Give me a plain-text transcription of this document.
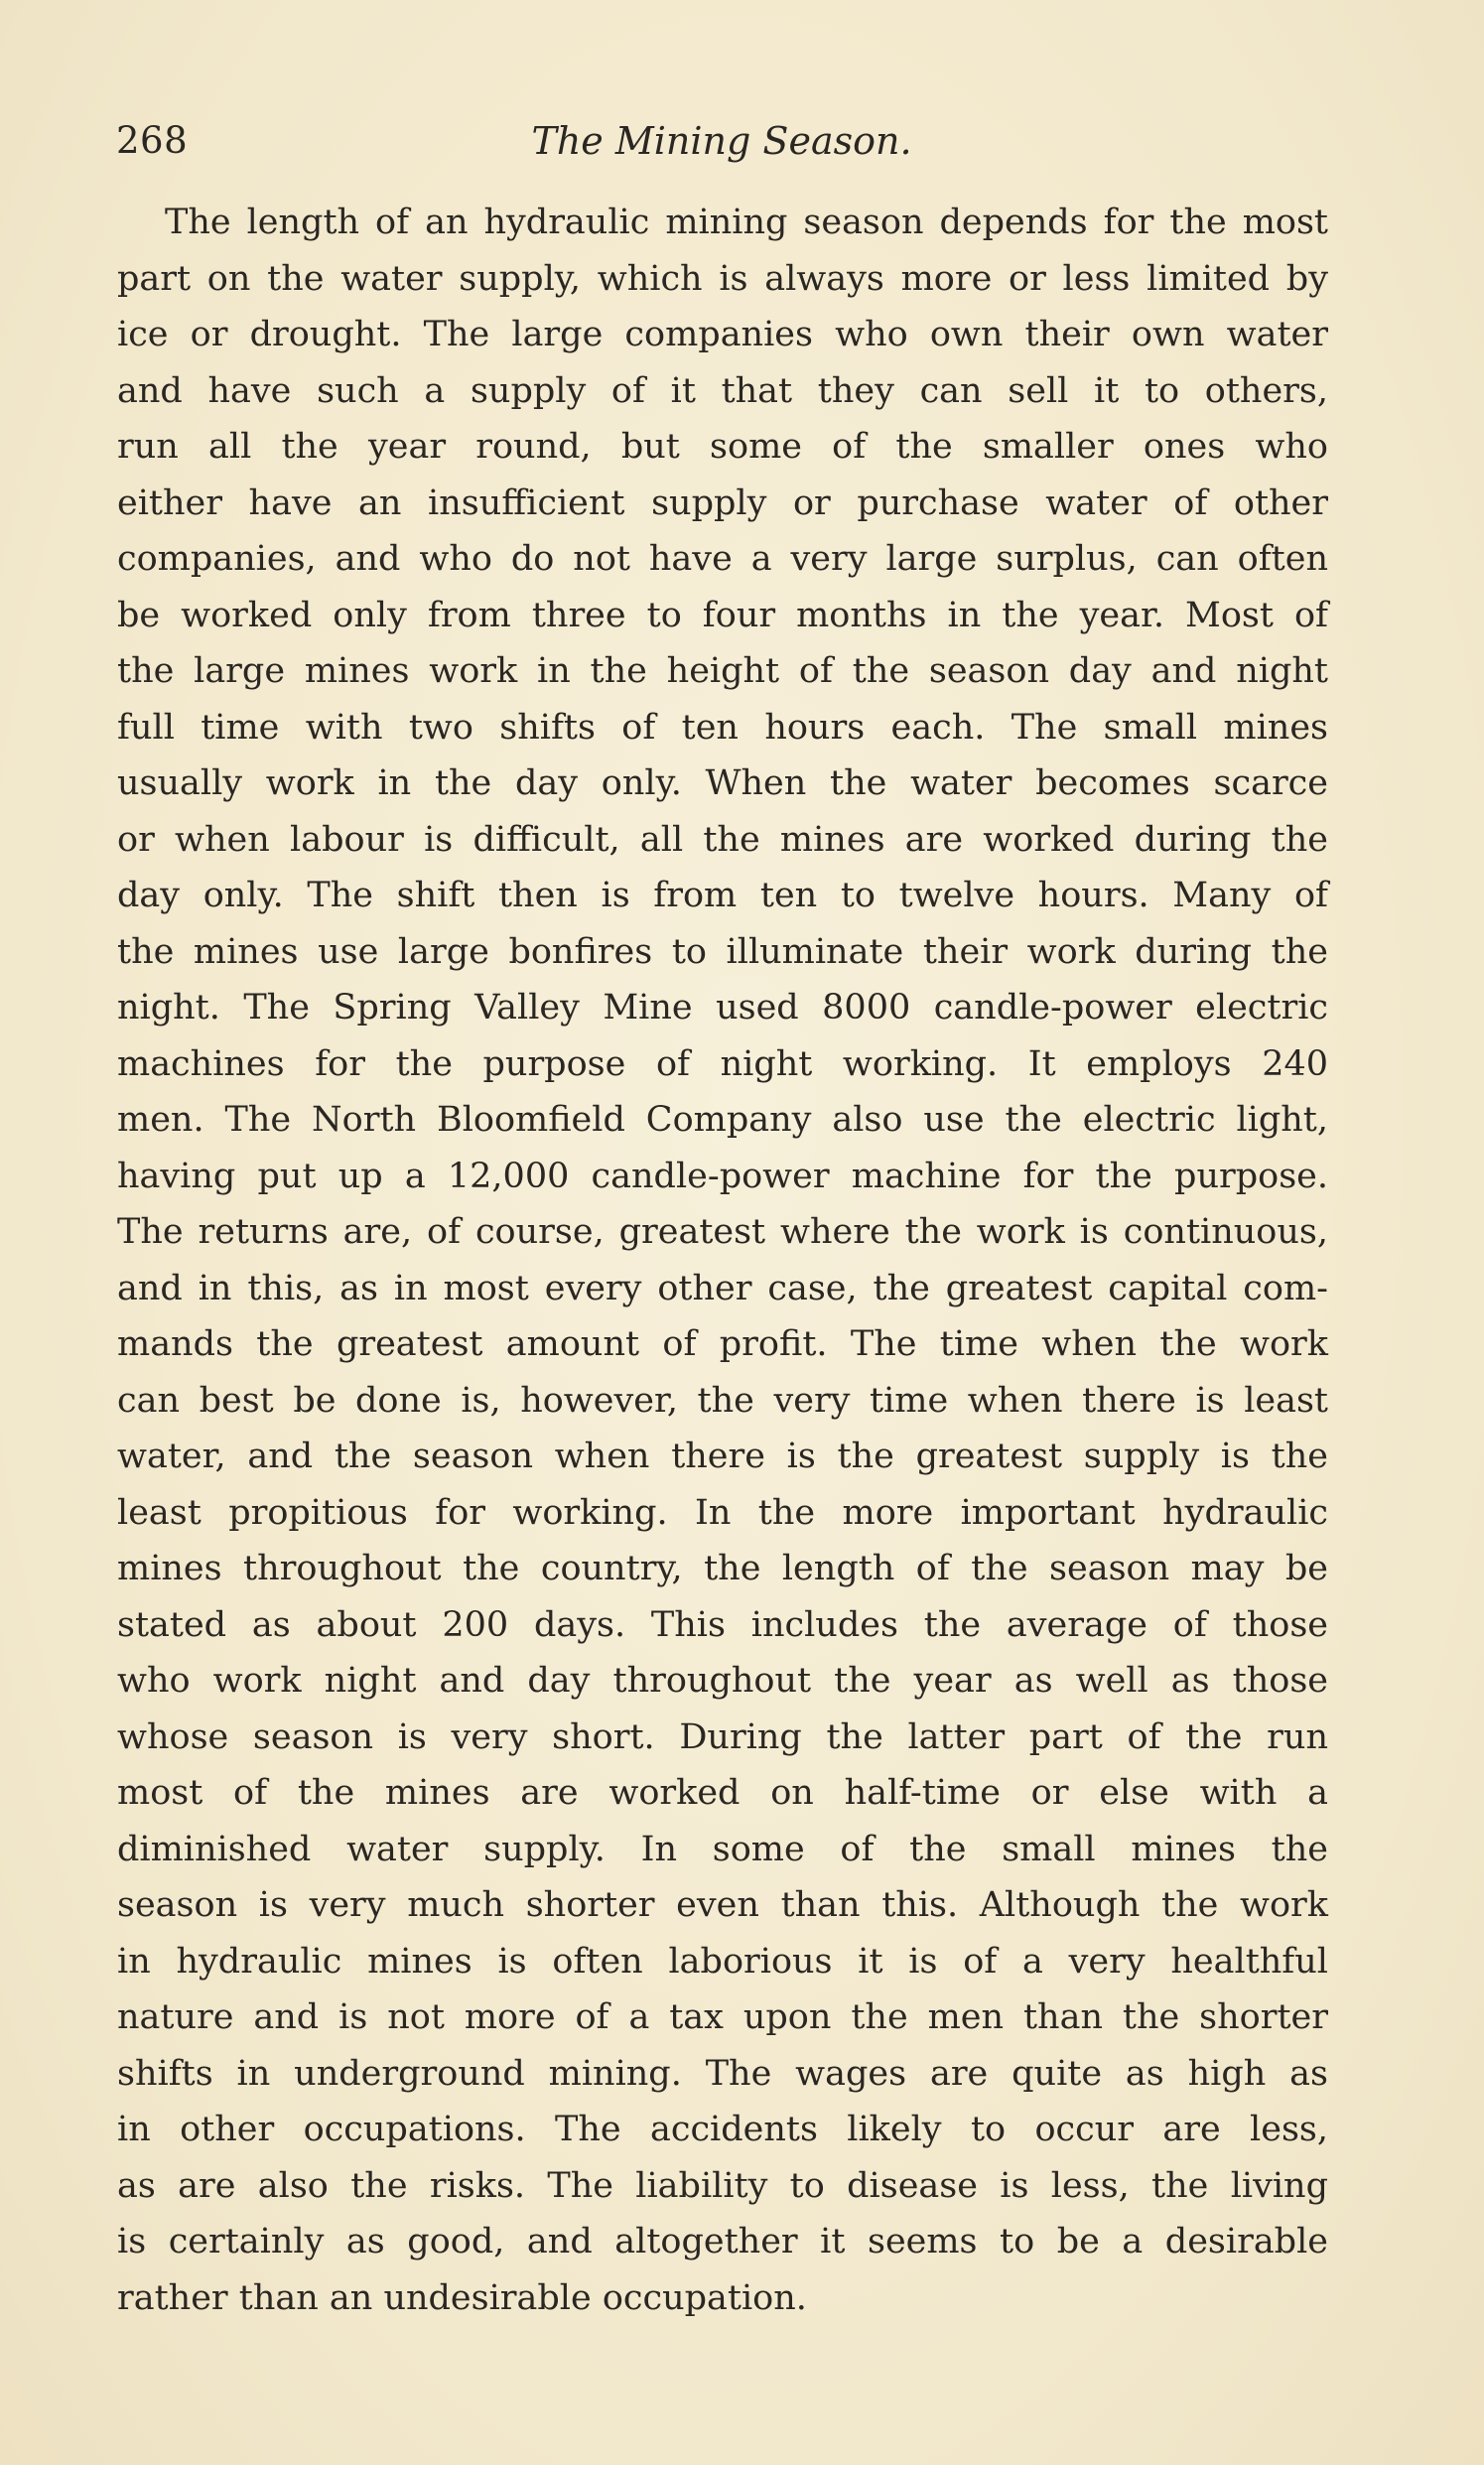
268	The Mining Season.
The length of an hydraulic mining season depends for the most
part on the water supply, which is always more or less limited by
ice or drought. The large companies who own their own water
and have such a supply of it that they can sell it to others,
run all the year round, but some of the smaller ones who
either have an insufficient supply or purchase water of other
companies, and who do not have a very large surplus, can often
be worked only from three to four months in the year. Most of
the large mines work in the height of the season day and night
full time with two shifts of ten hours each. The small mines
usually work in the day only. When the water becomes scarce
or when labour is difficult, all the mines are worked during the
day only. The shift then is from ten to twelve hours. Many of
the mines use large bonfires to illuminate their work during the
night. The Spring Valley Mine used 8000 candle-power electric
machines for the purpose of night working. It employs 240
men. The North Bloomfield Company also use the electric light,
having put up a 12,000 candle-power machine for the purpose.
The returns are, of course, greatest where the work is continuous,
and in this, as in most every other case, the greatest capital com-
mands the greatest amount of profit. The time when the work
can best be done is, however, the very time when there is least
water, and the season when there is the greatest supply is the
least propitious for working. In the more important hydraulic
mines throughout the country, the length of the season may be
stated as about 200 days. This includes the average of those
who work night and day throughout the year as well as those
whose season is very short. During the latter part of the run
most of the mines are worked on half-time or else with a
diminished water supply. In some of the small mines the
season is very much shorter even than this. Although the work
in hydraulic mines is often laborious it is of a very healthful
nature and is not more of a tax upon the men than the shorter
shifts in underground mining. The wages are quite as high as
in other occupations. The accidents likely to occur are less,
as are also the risks. The liability to disease is less, the living
is certainly as good, and altogether it seems to be a desirable
rather than an undesirable occupation.
